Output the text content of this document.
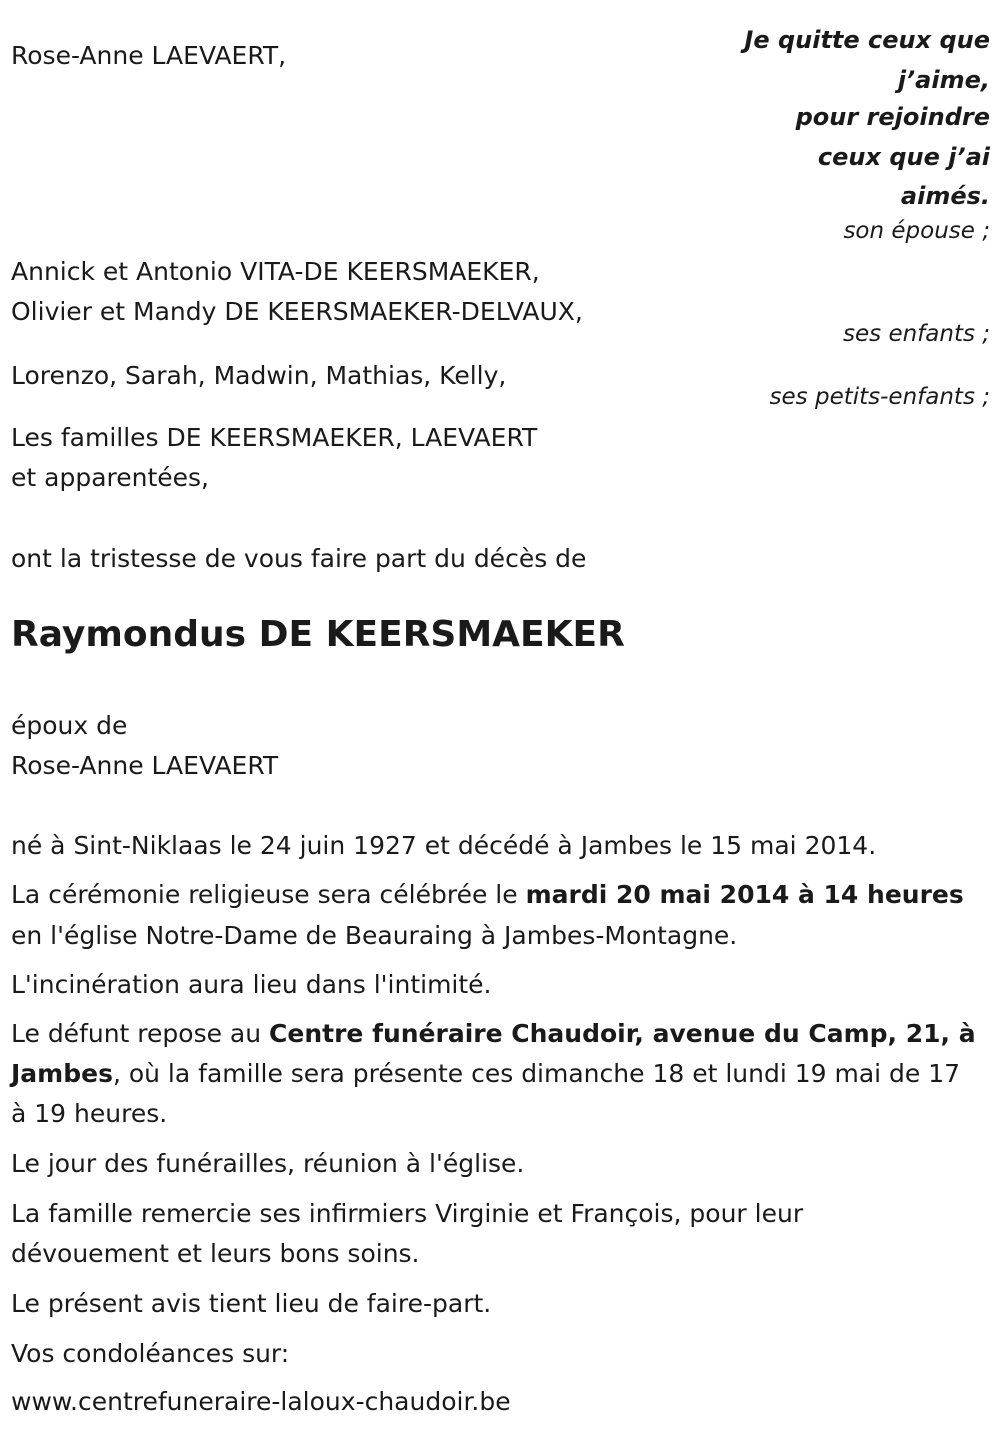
Je quitte ceux que
j’aime,
pour rejoindre
ceux que j’ai
aimés.
Rose-Anne LAEVAERT,
son épouse ;
Annick et Antonio VITA-DE KEERSMAEKER,
Olivier et Mandy DE KEERSMAEKER-DELVAUX,
ses enfants ;
Lorenzo, Sarah, Madwin, Mathias, Kelly,
ses petits-enfants ;
Les familles DE KEERSMAEKER, LAEVAERT
et apparentées,
ont la tristesse de vous faire part du décès de
Raymondus DE KEERSMAEKER
époux de
Rose-Anne LAEVAERT
né à Sint-Niklaas le 24 juin 1927 et décédé à Jambes le 15 mai 2014.
La cérémonie religieuse sera célébrée le mardi 20 mai 2014 à 14 heures
en l'église Notre-Dame de Beauraing à Jambes-Montagne.
L'incinération aura lieu dans l'intimité.
Le défunt repose au Centre funéraire Chaudoir, avenue du Camp, 21, à
Jambes, où la famille sera présente ces dimanche 18 et lundi 19 mai de 17
à 19 heures.
Le jour des funérailles, réunion à l'église.
La famille remercie ses infirmiers Virginie et François, pour leur
dévouement et leurs bons soins.
Le présent avis tient lieu de faire-part.
Vos condoléances sur:
www.centrefuneraire-laloux-chaudoir.be
